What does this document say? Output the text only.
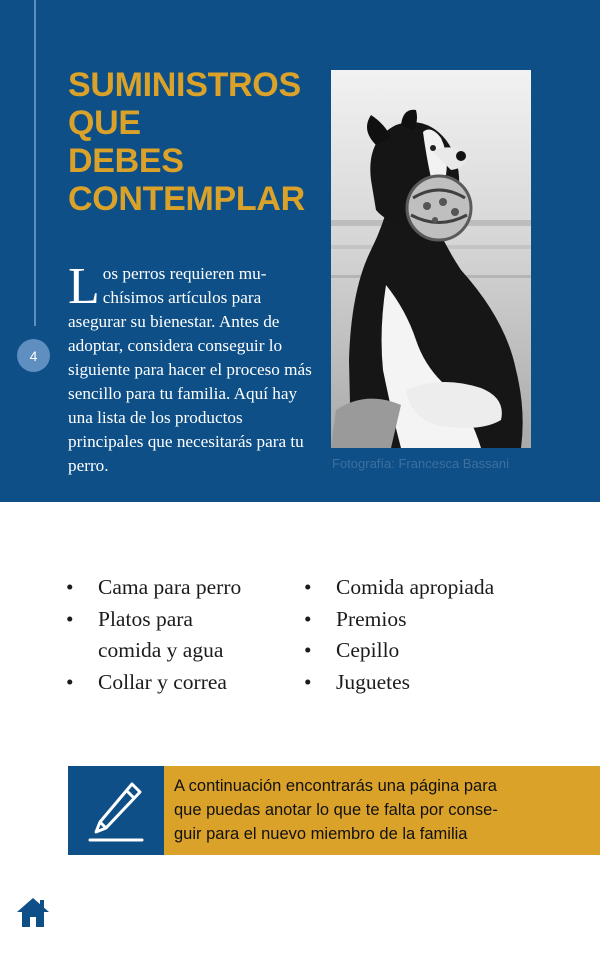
4
SUMINISTROS
QUE
DEBES
CONTEMPLAR
L os perros requieren mu-
chísimos artículos para asegurar su bienestar. Antes de adoptar, considera conseguir lo siguiente para hacer el proceso más sencillo para tu familia. Aquí hay una lista de los productos principales que necesitarás para tu perro.	Fotografía: Francesca Bassani
• Cama para perro
• Platos para comida y agua
• Collar y correa
• Comida apropiada
• Premios
• Cepillo
• Juguetes
A continuación encontrarás una página para
que puedas anotar lo que te falta por conse-
guir para el nuevo miembro de la familia
